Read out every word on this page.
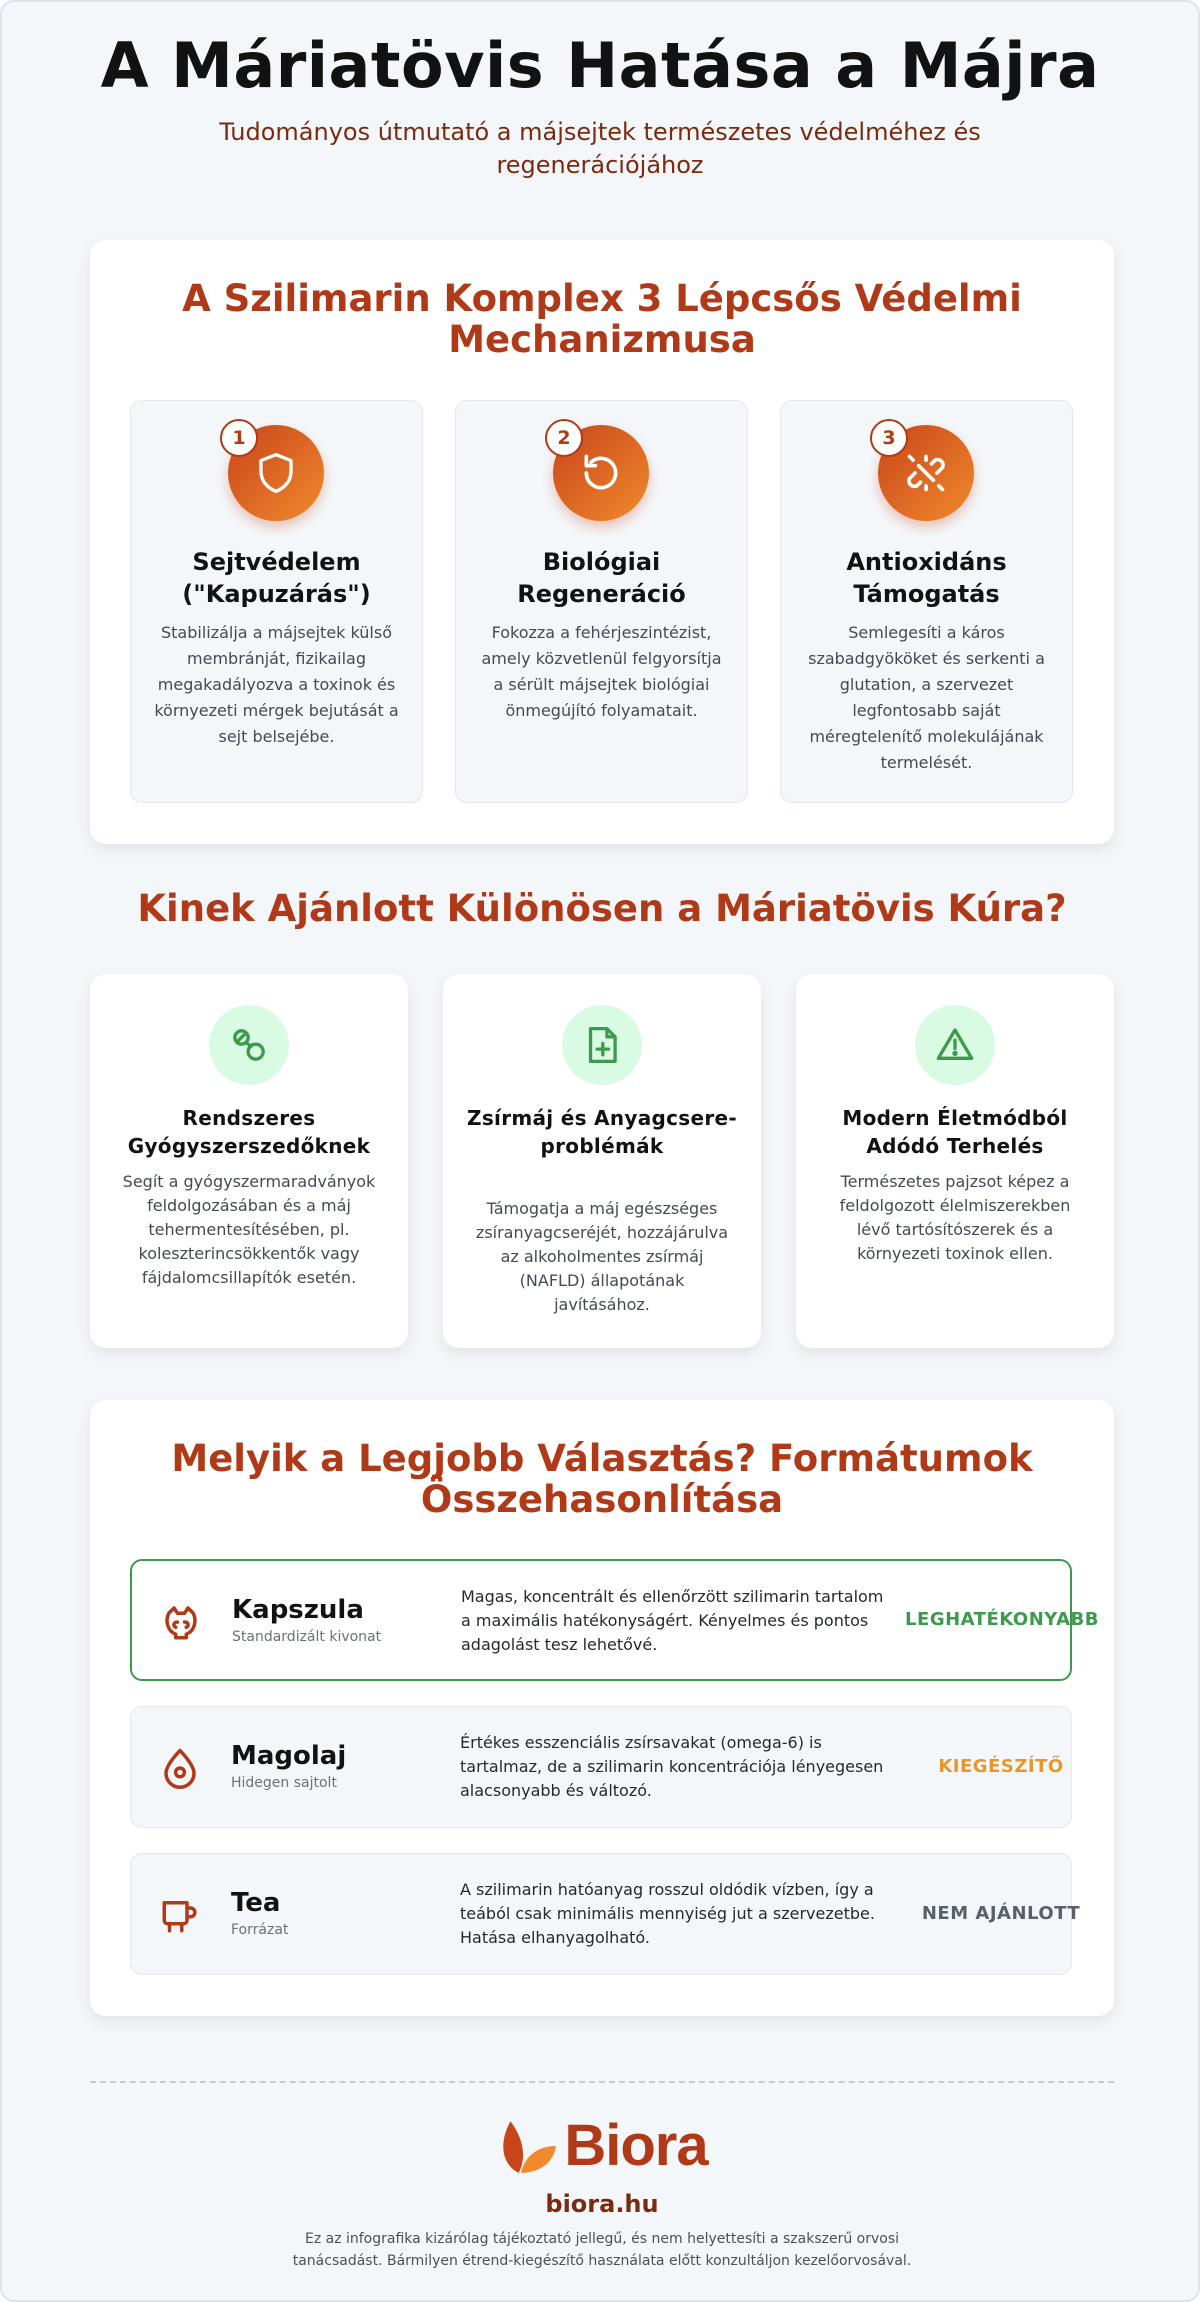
A Máriatövis Hatása a Májra

Tudományos útmutató a májsejtek természetes védelméhez és regenerációjához

A Szilimarin Komplex 3 Lépcsős Védelmi Mechanizmusa
1
Sejtvédelem ("Kapuzárás")
Stabilizálja a májsejtek külső membránját, fizikailag megakadályozva a toxinok és környezeti mérgek bejutását a sejt belsejébe.
2
Biológiai Regeneráció
Fokozza a fehérjeszintézist, amely közvetlenül felgyorsítja a sérült májsejtek biológiai önmegújító folyamatait.
3
Antioxidáns Támogatás
Semlegesíti a káros szabadgyököket és serkenti a glutation, a szervezet legfontosabb saját méregtelenítő molekulájának termelését.
Kinek Ajánlott Különösen a Máriatövis Kúra?
Rendszeres Gyógyszerszedőknek
Segít a gyógyszermaradványok feldolgozásában és a máj tehermentesítésében, pl. koleszterincsökkentők vagy fájdalomcsillapítók esetén.
Zsírmáj és Anyagcsere-problémák
Támogatja a máj egészséges zsíranyagcseréjét, hozzájárulva az alkoholmentes zsírmáj (NAFLD) állapotának javításához.
Modern Életmódból Adódó Terhelés
Természetes pajzsot képez a feldolgozott élelmiszerekben lévő tartósítószerek és a környezeti toxinok ellen.
Melyik a Legjobb Választás? Formátumok Összehasonlítása
Kapszula
Standardizált kivonat
Magas, koncentrált és ellenőrzött szilimarin tartalom a maximális hatékonyságért. Kényelmes és pontos adagolást tesz lehetővé.
LEGHATÉKONYABB
Magolaj
Hidegen sajtolt
Értékes esszenciális zsírsavakat (omega-6) is tartalmaz, de a szilimarin koncentrációja lényegesen alacsonyabb és változó.
KIEGÉSZÍTŐ
Tea
Forrázat
A szilimarin hatóanyag rosszul oldódik vízben, így a teából csak minimális mennyiség jut a szervezetbe. Hatása elhanyagolható.
NEM AJÁNLOTT
Biora
biora.hu
Ez az infografika kizárólag tájékoztató jellegű, és nem helyettesíti a szakszerű orvosi tanácsadást. Bármilyen étrend-kiegészítő használata előtt konzultáljon kezelőorvosával.
